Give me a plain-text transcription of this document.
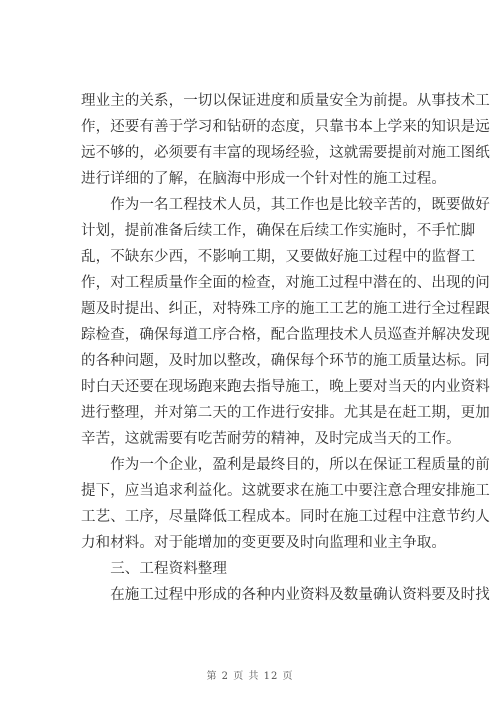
理业主的关系，一切以保证进度和质量安全为前提。从事技术工
作，还要有善于学习和钻研的态度，只靠书本上学来的知识是远
远不够的，必须要有丰富的现场经验，这就需要提前对施工图纸
进行详细的了解，在脑海中形成一个针对性的施工过程。
　　作为一名工程技术人员，其工作也是比较辛苦的，既要做好
计划，提前准备后续工作，确保在后续工作实施时，不手忙脚
乱，不缺东少西，不影响工期，又要做好施工过程中的监督工
作，对工程质量作全面的检查，对施工过程中潜在的、出现的问
题及时提出、纠正，对特殊工序的施工工艺的施工进行全过程跟
踪检查，确保每道工序合格，配合监理技术人员巡查并解决发现
的各种问题，及时加以整改，确保每个环节的施工质量达标。同
时白天还要在现场跑来跑去指导施工，晚上要对当天的内业资料
进行整理，并对第二天的工作进行安排。尤其是在赶工期，更加
辛苦，这就需要有吃苦耐劳的精神，及时完成当天的工作。
　　作为一个企业，盈利是最终目的，所以在保证工程质量的前
提下，应当追求利益化。这就要求在施工中要注意合理安排施工
工艺、工序，尽量降低工程成本。同时在施工过程中注意节约人
力和材料。对于能增加的变更要及时向监理和业主争取。
　　三、工程资料整理
　　在施工过程中形成的各种内业资料及数量确认资料要及时找
第 2 页 共 12 页
